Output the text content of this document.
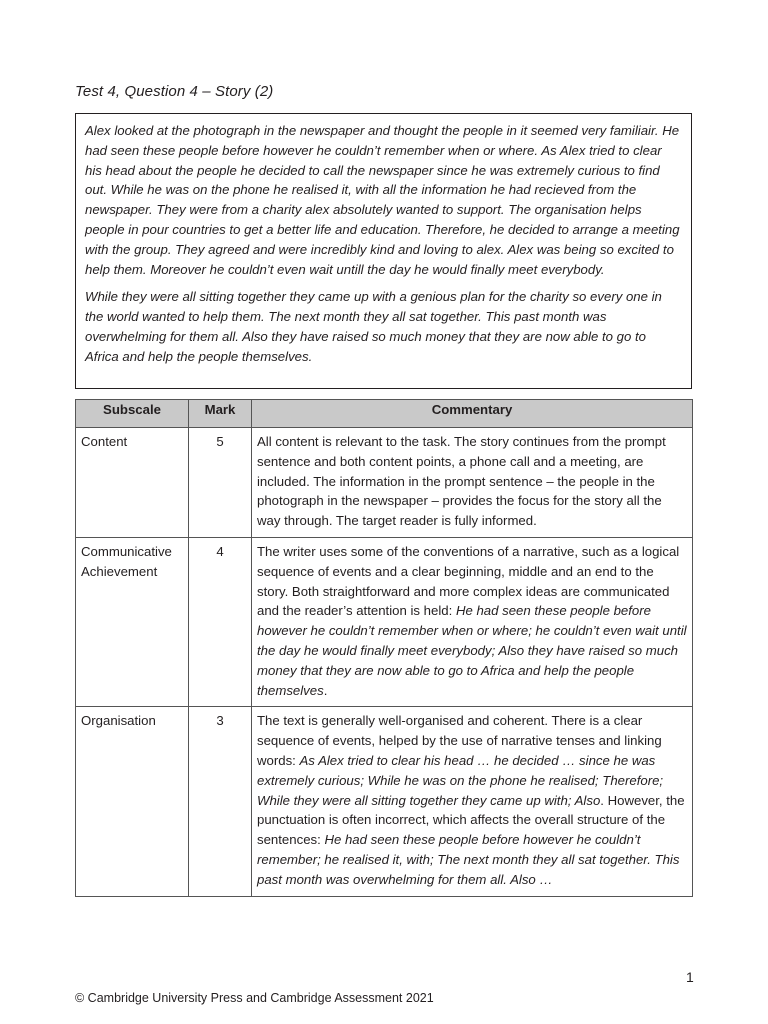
Test 4, Question 4 – Story (2)

Alex looked at the photograph in the newspaper and thought the people in it seemed very familiair. He had seen these people before however he couldn’t remember when or where. As Alex tried to clear his head about the people he decided to call the newspaper since he was extremely curious to find out. While he was on the phone he realised it, with all the information he had recieved from the newspaper. They were from a charity alex absolutely wanted to support. The organisation helps people in pour countries to get a better life and education. Therefore, he decided to arrange a meeting with the group. They agreed and were incredibly kind and loving to alex. Alex was being so excited to help them. Moreover he couldn’t even wait untill the day he would finally meet everybody.

While they were all sitting together they came up with a genious plan for the charity so every one in the world wanted to help them. The next month they all sat together. This past month was overwhelming for them all. Also they have raised so much money that they are now able to go to Africa and help the people themselves.

Subscale	Mark	Commentary
Content	5	All content is relevant to the task. The story continues from the prompt sentence and both content points, a phone call and a meeting, are included. The information in the prompt sentence – the people in the photograph in the newspaper – provides the focus for the story all the way through. The target reader is fully informed.
Communicative Achievement	4	The writer uses some of the conventions of a narrative, such as a logical sequence of events and a clear beginning, middle and an end to the story. Both straightforward and more complex ideas are communicated and the reader’s attention is held: He had seen these people before however he couldn’t remember when or where; he couldn’t even wait until the day he would finally meet everybody; Also they have raised so much money that they are now able to go to Africa and help the people themselves.
Organisation	3	The text is generally well-organised and coherent. There is a clear sequence of events, helped by the use of narrative tenses and linking words: As Alex tried to clear his head … he decided … since he was extremely curious; While he was on the phone he realised; Therefore; While they were all sitting together they came up with; Also. However, the punctuation is often incorrect, which affects the overall structure of the sentences: He had seen these people before however he couldn’t remember; he realised it, with; The next month they all sat together. This past month was overwhelming for them all. Also …
1
© Cambridge University Press and Cambridge Assessment 2021
